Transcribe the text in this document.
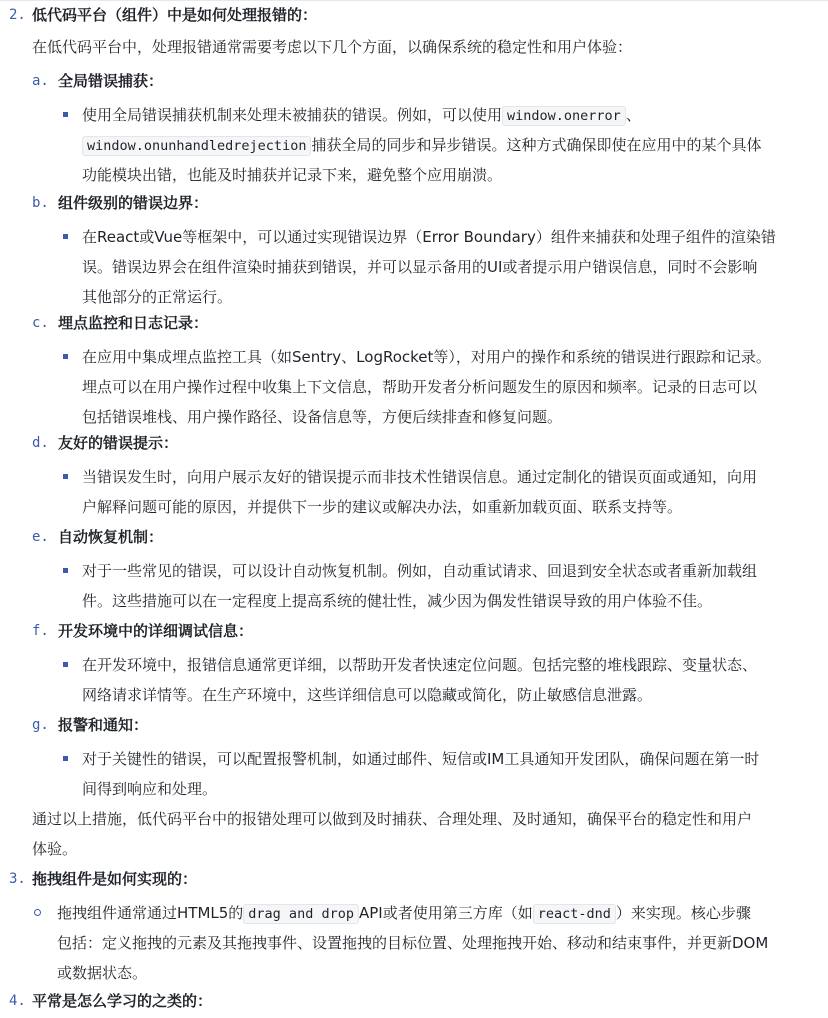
2. 低代码平台（组件）中是如何处理报错的：
在低代码平台中，处理报错通常需要考虑以下几个方面，以确保系统的稳定性和用户体验：
a. 全局错误捕获：
使用全局错误捕获机制来处理未被捕获的错误。例如，可以使用 window.onerror 、
window.onunhandledrejection 捕获全局的同步和异步错误。这种方式确保即使在应用中的某个具体
功能模块出错，也能及时捕获并记录下来，避免整个应用崩溃。
b. 组件级别的错误边界：
在React或Vue等框架中，可以通过实现错误边界（Error Boundary）组件来捕获和处理子组件的渲染错
误。错误边界会在组件渲染时捕获到错误，并可以显示备用的UI或者提示用户错误信息，同时不会影响
其他部分的正常运行。
c. 埋点监控和日志记录：
在应用中集成埋点监控工具（如Sentry、LogRocket等），对用户的操作和系统的错误进行跟踪和记录。
埋点可以在用户操作过程中收集上下文信息，帮助开发者分析问题发生的原因和频率。记录的日志可以
包括错误堆栈、用户操作路径、设备信息等，方便后续排查和修复问题。
d. 友好的错误提示：
当错误发生时，向用户展示友好的错误提示而非技术性错误信息。通过定制化的错误页面或通知，向用
户解释问题可能的原因，并提供下一步的建议或解决办法，如重新加载页面、联系支持等。
e. 自动恢复机制：
对于一些常见的错误，可以设计自动恢复机制。例如，自动重试请求、回退到安全状态或者重新加载组
件。这些措施可以在一定程度上提高系统的健壮性，减少因为偶发性错误导致的用户体验不佳。
f. 开发环境中的详细调试信息：
在开发环境中，报错信息通常更详细，以帮助开发者快速定位问题。包括完整的堆栈跟踪、变量状态、
网络请求详情等。在生产环境中，这些详细信息可以隐藏或简化，防止敏感信息泄露。
g. 报警和通知：
对于关键性的错误，可以配置报警机制，如通过邮件、短信或IM工具通知开发团队，确保问题在第一时
间得到响应和处理。
通过以上措施，低代码平台中的报错处理可以做到及时捕获、合理处理、及时通知，确保平台的稳定性和用户
体验。
3. 拖拽组件是如何实现的：
拖拽组件通常通过HTML5的 drag and drop API或者使用第三方库（如 react-dnd ）来实现。核心步骤
包括：定义拖拽的元素及其拖拽事件、设置拖拽的目标位置、处理拖拽开始、移动和结束事件，并更新DOM
或数据状态。
4. 平常是怎么学习的之类的：
